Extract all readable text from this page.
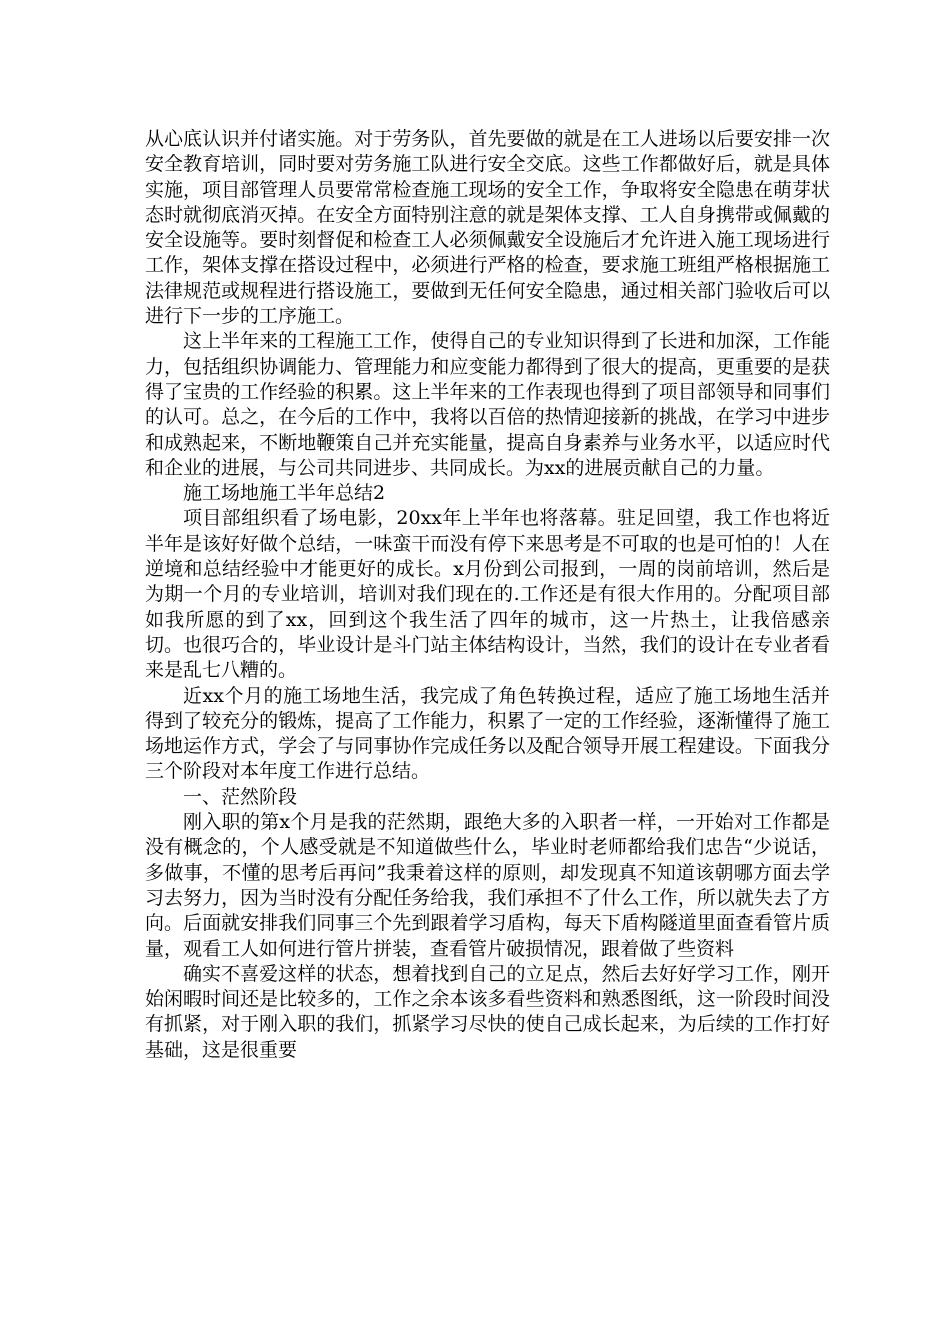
从心底认识并付诸实施。对于劳务队，首先要做的就是在工人进场以后要安排一次安全教育培训，同时要对劳务施工队进行安全交底。这些工作都做好后，就是具体实施，项目部管理人员要常常检查施工现场的安全工作，争取将安全隐患在萌芽状态时就彻底消灭掉。在安全方面特别注意的就是架体支撑、工人自身携带或佩戴的安全设施等。要时刻督促和检查工人必须佩戴安全设施后才允许进入施工现场进行工作，架体支撑在搭设过程中，必须进行严格的检查，要求施工班组严格根据施工法律规范或规程进行搭设施工，要做到无任何安全隐患，通过相关部门验收后可以进行下一步的工序施工。

这上半年来的工程施工工作，使得自己的专业知识得到了长进和加深，工作能力，包括组织协调能力、管理能力和应变能力都得到了很大的提高，更重要的是获得了宝贵的工作经验的积累。这上半年来的工作表现也得到了项目部领导和同事们的认可。总之，在今后的工作中，我将以百倍的热情迎接新的挑战，在学习中进步和成熟起来，不断地鞭策自己并充实能量，提高自身素养与业务水平，以适应时代和企业的进展，与公司共同进步、共同成长。为xx的进展贡献自己的力量。

施工场地施工半年总结2

项目部组织看了场电影，20xx年上半年也将落幕。驻足回望，我工作也将近半年是该好好做个总结，一味蛮干而没有停下来思考是不可取的也是可怕的！人在逆境和总结经验中才能更好的成长。x月份到公司报到，一周的岗前培训，然后是为期一个月的专业培训，培训对我们现在的.工作还是有很大作用的。分配项目部如我所愿的到了xx，回到这个我生活了四年的城市，这一片热土，让我倍感亲切。也很巧合的，毕业设计是斗门站主体结构设计，当然，我们的设计在专业者看来是乱七八糟的。

近xx个月的施工场地生活，我完成了角色转换过程，适应了施工场地生活并得到了较充分的锻炼，提高了工作能力，积累了一定的工作经验，逐渐懂得了施工场地运作方式，学会了与同事协作完成任务以及配合领导开展工程建设。下面我分三个阶段对本年度工作进行总结。

一、茫然阶段

刚入职的第x个月是我的茫然期，跟绝大多的入职者一样，一开始对工作都是没有概念的，个人感受就是不知道做些什么，毕业时老师都给我们忠告“少说话，多做事，不懂的思考后再问”我秉着这样的原则，却发现真不知道该朝哪方面去学习去努力，因为当时没有分配任务给我，我们承担不了什么工作，所以就失去了方向。后面就安排我们同事三个先到跟着学习盾构，每天下盾构隧道里面查看管片质量，观看工人如何进行管片拼装，查看管片破损情况，跟着做了些资料

确实不喜爱这样的状态，想着找到自己的立足点，然后去好好学习工作，刚开始闲暇时间还是比较多的，工作之余本该多看些资料和熟悉图纸，这一阶段时间没有抓紧，对于刚入职的我们，抓紧学习尽快的使自己成长起来，为后续的工作打好基础，这是很重要
